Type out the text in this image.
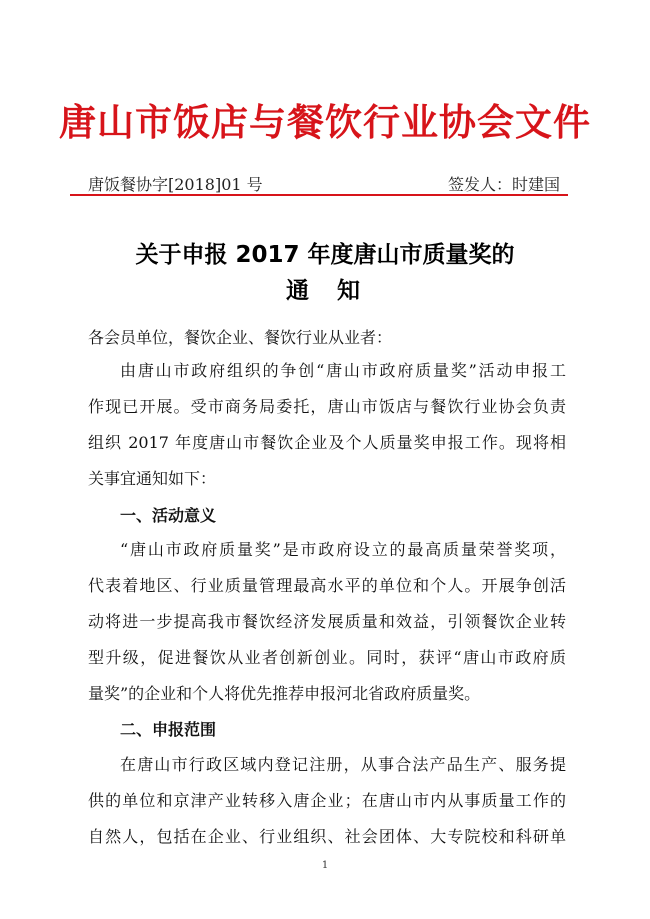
唐山市饭店与餐饮行业协会文件
唐饭餐协字[2018]01 号	签发人：时建国
关于申报 2017 年度唐山市质量奖的
通知
各会员单位，餐饮企业、餐饮行业从业者：
由唐山市政府组织的争创“唐山市政府质量奖”活动申报工
作现已开展。受市商务局委托，唐山市饭店与餐饮行业协会负责
组织 2017 年度唐山市餐饮企业及个人质量奖申报工作。现将相
关事宜通知如下：
一、活动意义
“唐山市政府质量奖”是市政府设立的最高质量荣誉奖项，
代表着地区、行业质量管理最高水平的单位和个人。开展争创活
动将进一步提高我市餐饮经济发展质量和效益，引领餐饮企业转
型升级，促进餐饮从业者创新创业。同时，获评“唐山市政府质
量奖”的企业和个人将优先推荐申报河北省政府质量奖。
二、申报范围
在唐山市行政区域内登记注册，从事合法产品生产、服务提
供的单位和京津产业转移入唐企业；在唐山市内从事质量工作的
自然人，包括在企业、行业组织、社会团体、大专院校和科研单
1
